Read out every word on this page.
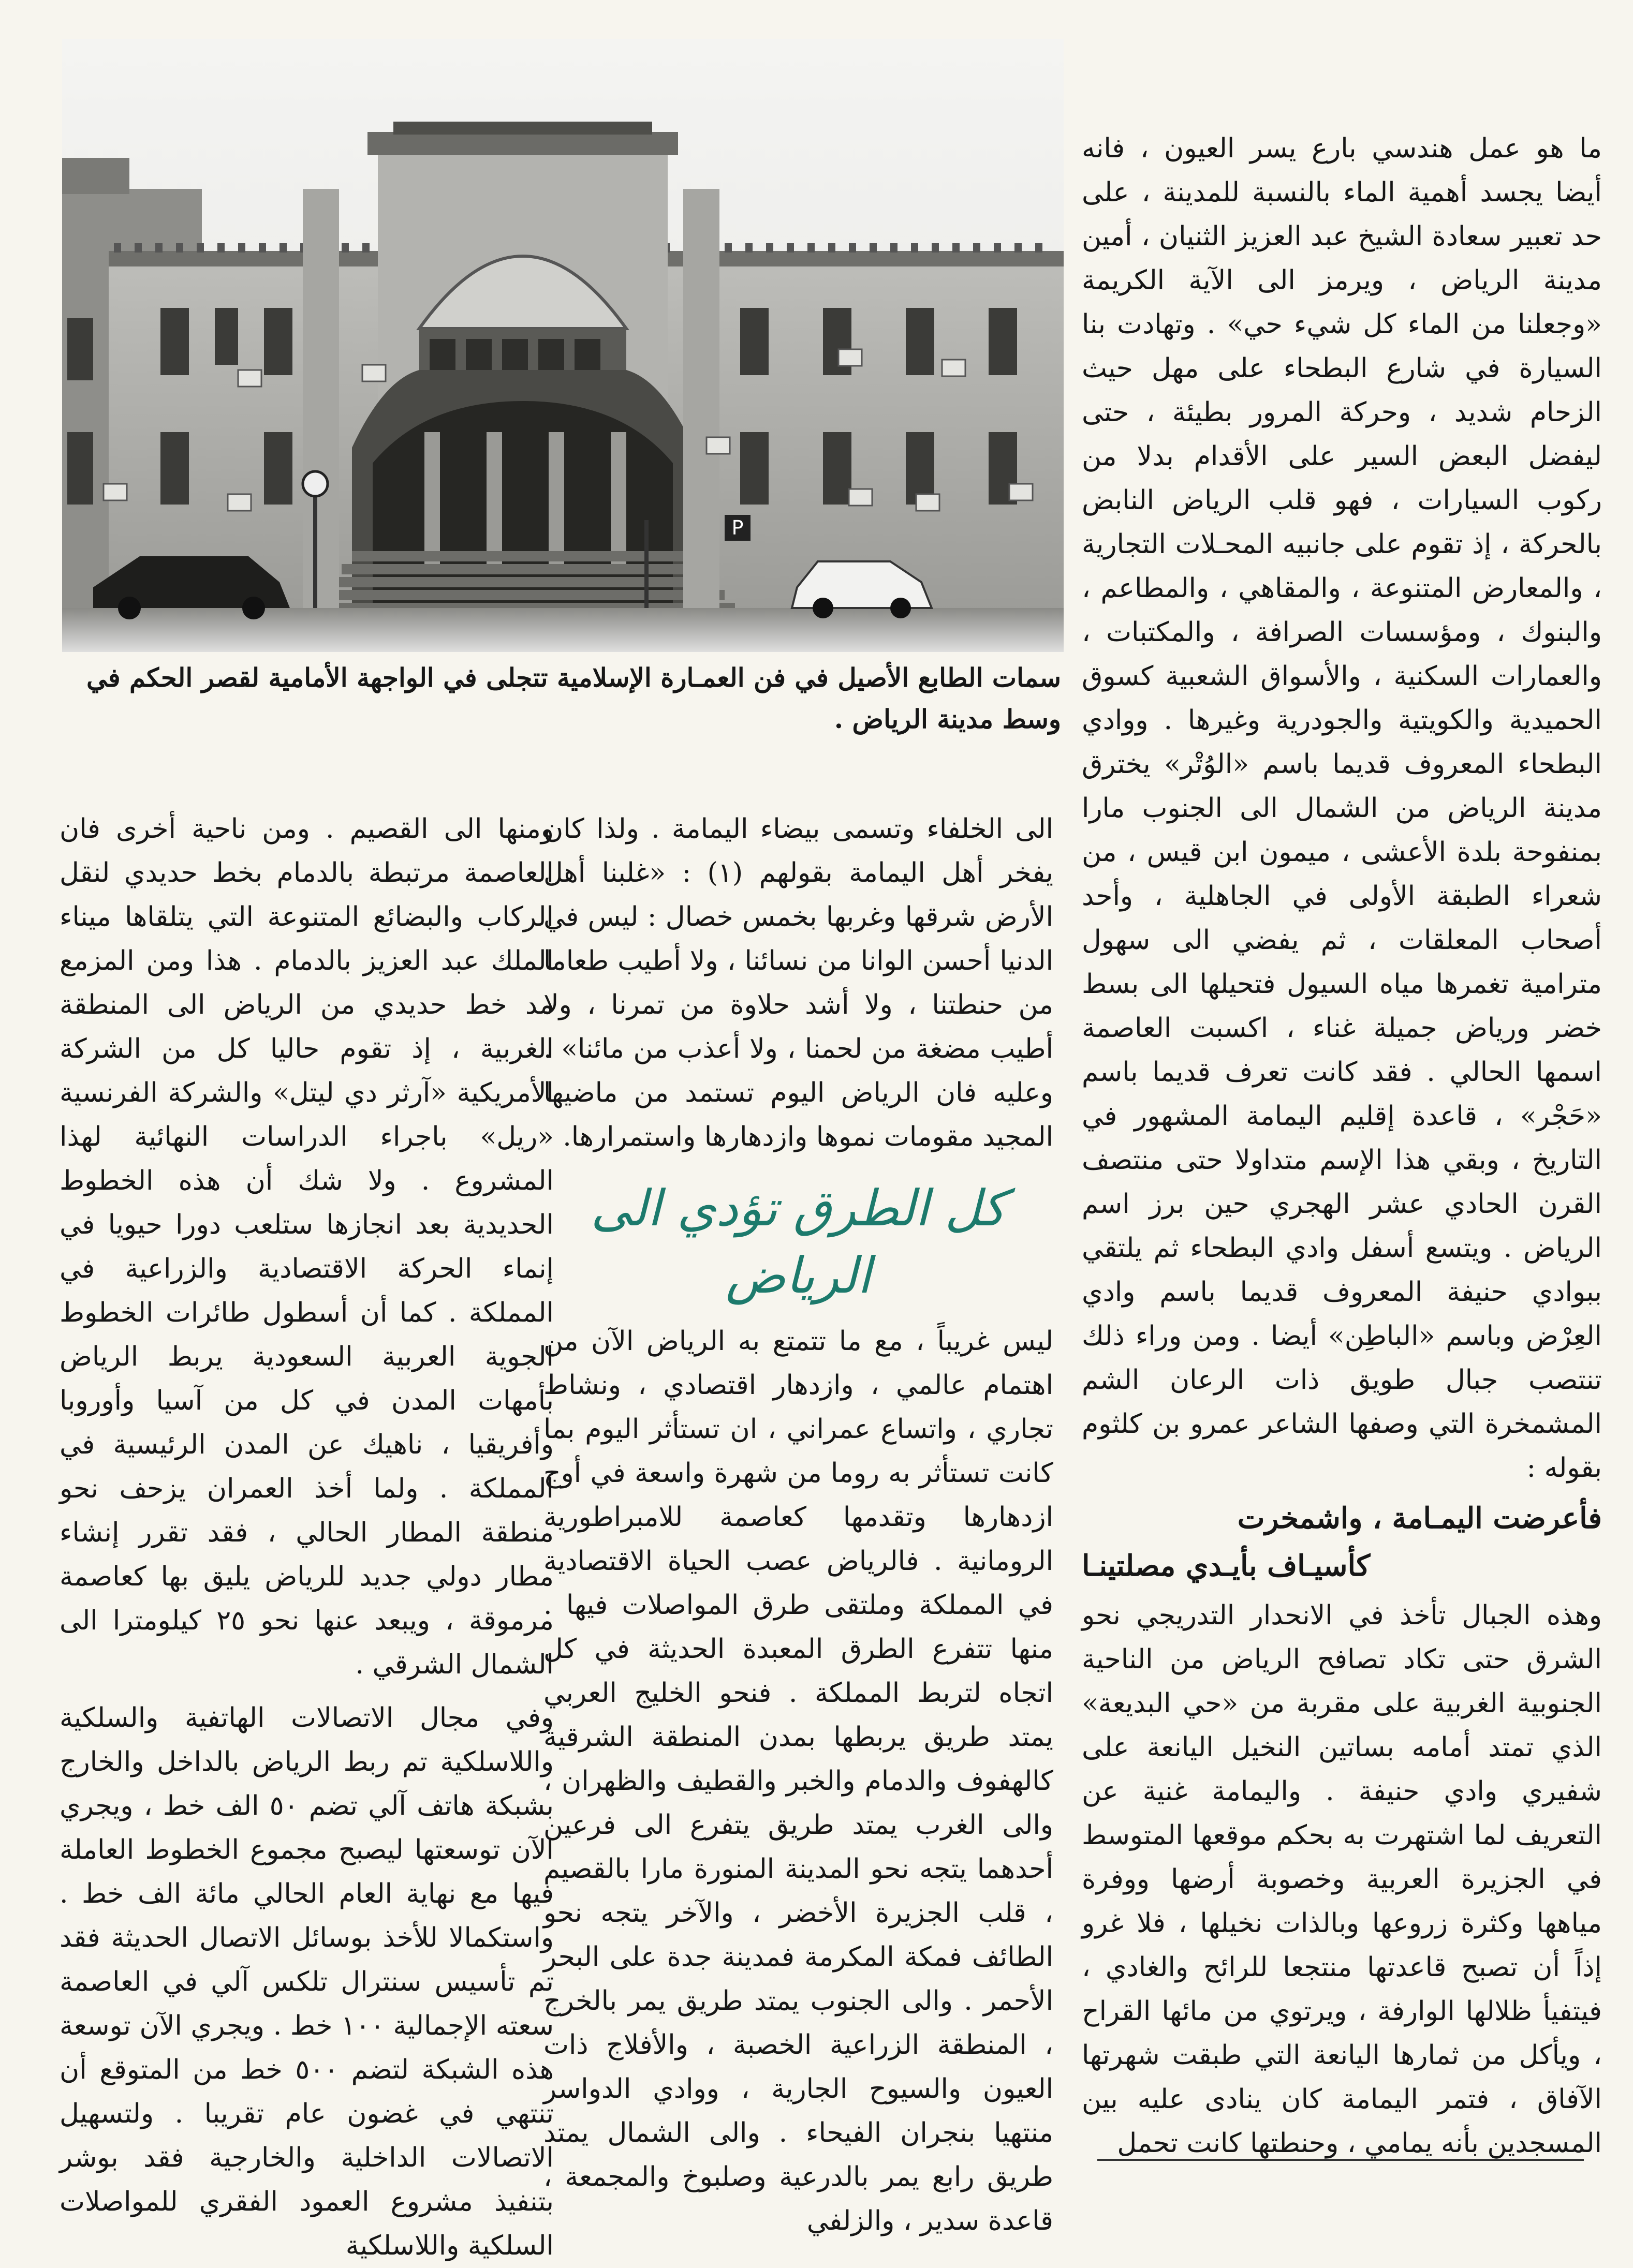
P
سمات الطابع الأصيل في فن العمـارة الإسلامية تتجلى في الواجهة الأمامية لقصر الحكم في وسط مدينة الرياض .

ما هو عمل هندسي بارع يسر العيون ، فانه أيضا يجسد أهمية الماء بالنسبة للمدينة ، على حد تعبير سعادة الشيخ عبد العزيز الثنيان ، أمين مدينة الرياض ، ويرمز الى الآية الكريمة «وجعلنا من الماء كل شيء حي» . وتهادت بنا السيارة في شارع البطحاء على مهل حيث الزحام شديد ، وحركة المرور بطيئة ، حتى ليفضل البعض السير على الأقدام بدلا من ركوب السيارات ، فهو قلب الرياض النابض بالحركة ، إذ تقوم على جانبيه المحـلات التجارية ، والمعارض المتنوعة ، والمقاهي ، والمطاعم ، والبنوك ، ومؤسسات الصرافة ، والمكتبات ، والعمارات السكنية ، والأسواق الشعبية كسوق الحميدية والكويتية والجودرية وغيرها . ووادي البطحاء المعروف قديما باسم «الوُتْر» يخترق مدينة الرياض من الشمال الى الجنوب مارا بمنفوحة بلدة الأعشى ، ميمون ابن قيس ، من شعراء الطبقة الأولى في الجاهلية ، وأحد أصحاب المعلقات ، ثم يفضي الى سهول مترامية تغمرها مياه السيول فتحيلها الى بسط خضر ورياض جميلة غناء ، اكسبت العاصمة اسمها الحالي . فقد كانت تعرف قديما باسم «حَجْر» ، قاعدة إقليم اليمامة المشهور في التاريخ ، وبقي هذا الإسم متداولا حتى منتصف القرن الحادي عشر الهجري حين برز اسم الرياض . ويتسع أسفل وادي البطحاء ثم يلتقي ببوادي حنيفة المعروف قديما باسم وادي العِرْض وباسم «الباطِن» أيضا . ومن وراء ذلك تنتصب جبال طويق ذات الرعان الشم المشمخرة التي وصفها الشاعر عمرو بن كلثوم بقوله :

فأعرضت اليمـامة ، واشمخرت
كأسيـاف بأيـدي مصلتينـا

وهذه الجبال تأخذ في الانحدار التدريجي نحو الشرق حتى تكاد تصافح الرياض من الناحية الجنوبية الغربية على مقربة من «حي البديعة» الذي تمتد أمامه بساتين النخيل اليانعة على شفيري وادي حنيفة . واليمامة غنية عن التعريف لما اشتهرت به بحكم موقعها المتوسط في الجزيرة العربية وخصوبة أرضها ووفرة مياهها وكثرة زروعها وبالذات نخيلها ، فلا غرو إذاً أن تصبح قاعدتها منتجعا للرائح والغادي ، فيتفيأ ظلالها الوارفة ، ويرتوي من مائها القراح ، ويأكل من ثمارها اليانعة التي طبقت شهرتها الآفاق ، فتمر اليمامة كان ينادى عليه بين المسجدين بأنه يمامي ، وحنطتها كانت تحمل

الى الخلفاء وتسمى بيضاء اليمامة . ولذا كان يفخر أهل اليمامة بقولهم (١) : «غلبنا أهل الأرض شرقها وغربها بخمس خصال : ليس في الدنيا أحسن الوانا من نسائنا ، ولا أطيب طعاما من حنطتنا ، ولا أشد حلاوة من تمرنا ، ولا أطيب مضغة من لحمنا ، ولا أعذب من مائنا» . وعليه فان الرياض اليوم تستمد من ماضيها المجيد مقومات نموها وازدهارها واستمرارها.

كل الطرق تؤدي الى الرياض

ليس غريباً ، مع ما تتمتع به الرياض الآن من اهتمام عالمي ، وازدهار اقتصادي ، ونشاط تجاري ، واتساع عمراني ، ان تستأثر اليوم بما كانت تستأثر به روما من شهرة واسعة في أوج ازدهارها وتقدمها كعاصمة للامبراطورية الرومانية . فالرياض عصب الحياة الاقتصادية في المملكة وملتقى طرق المواصلات فيها . منها تتفرع الطرق المعبدة الحديثة في كل اتجاه لتربط المملكة . فنحو الخليج العربي يمتد طريق يربطها بمدن المنطقة الشرقية كالهفوف والدمام والخبر والقطيف والظهران ، والى الغرب يمتد طريق يتفرع الى فرعين أحدهما يتجه نحو المدينة المنورة مارا بالقصيم ، قلب الجزيرة الأخضر ، والآخر يتجه نحو الطائف فمكة المكرمة فمدينة جدة على البحر الأحمر . والى الجنوب يمتد طريق يمر بالخرج ، المنطقة الزراعية الخصبة ، والأفلاج ذات العيون والسيوح الجارية ، ووادي الدواسر منتهيا بنجران الفيحاء . والى الشمال يمتد طريق رابع يمر بالدرعية وصلبوخ والمجمعة ، قاعدة سدير ، والزلفي

ومنها الى القصيم . ومن ناحية أخرى فان العاصمة مرتبطة بالدمام بخط حديدي لنقل الركاب والبضائع المتنوعة التي يتلقاها ميناء الملك عبد العزيز بالدمام . هذا ومن المزمع مد خط حديدي من الرياض الى المنطقة الغربية ، إذ تقوم حاليا كل من الشركة الأمريكية «آرثر دي ليتل» والشركة الفرنسية «ريل» باجراء الدراسات النهائية لهذا المشروع . ولا شك أن هذه الخطوط الحديدية بعد انجازها ستلعب دورا حيويا في إنماء الحركة الاقتصادية والزراعية في المملكة . كما أن أسطول طائرات الخطوط الجوية العربية السعودية يربط الرياض بأمهات المدن في كل من آسيا وأوروبا وأفريقيا ، ناهيك عن المدن الرئيسية في المملكة . ولما أخذ العمران يزحف نحو منطقة المطار الحالي ، فقد تقرر إنشاء مطار دولي جديد للرياض يليق بها كعاصمة مرموقة ، ويبعد عنها نحو ٢٥ كيلومترا الى الشمال الشرقي .

وفي مجال الاتصالات الهاتفية والسلكية واللاسلكية تم ربط الرياض بالداخل والخارج بشبكة هاتف آلي تضم ٥٠ الف خط ، ويجري الآن توسعتها ليصبح مجموع الخطوط العاملة فيها مع نهاية العام الحالي مائة الف خط . واستكمالا للأخذ بوسائل الاتصال الحديثة فقد تم تأسيس سنترال تلكس آلي في العاصمة سعته الإجمالية ١٠٠ خط . ويجري الآن توسعة هذه الشبكة لتضم ٥٠٠ خط من المتوقع أن تنتهي في غضون عام تقريبا . ولتسهيل الاتصالات الداخلية والخارجية فقد بوشر بتنفيذ مشروع العمود الفقري للمواصلات السلكية واللاسلكية
